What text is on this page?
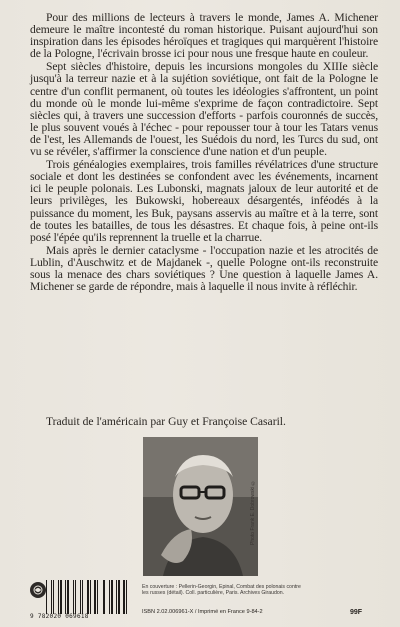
Pour des millions de lecteurs à travers le monde, James A. Michener demeure le maître incontesté du roman historique. Puisant aujourd'hui son inspiration dans les épisodes héroïques et tragiques qui marquèrent l'histoire de la Pologne, l'écrivain brosse ici pour nous une fresque haute en couleur.

Sept siècles d'histoire, depuis les incursions mongoles du XIIIe siècle jusqu'à la terreur nazie et à la sujétion soviétique, ont fait de la Pologne le centre d'un conflit permanent, où toutes les idéologies s'affrontent, un point du monde où le monde lui-même s'exprime de façon contradictoire. Sept siècles qui, à travers une succession d'efforts - parfois couronnés de succès, le plus souvent voués à l'échec - pour repousser tour à tour les Tatars venus de l'est, les Allemands de l'ouest, les Suédois du nord, les Turcs du sud, ont vu se révéler, s'affirmer la conscience d'une nation et d'un peuple.

Trois généalogies exemplaires, trois familles révélatrices d'une structure sociale et dont les destinées se confondent avec les événements, incarnent ici le peuple polonais. Les Lubonski, magnats jaloux de leur autorité et de leurs privilèges, les Bukowski, hobereaux désargentés, inféodés à la puissance du moment, les Buk, paysans asservis au maître et à la terre, sont de toutes les batailles, de tous les désastres. Et chaque fois, à peine ont-ils posé l'épée qu'ils reprennent la truelle et la charrue.

Mais après le dernier cataclysme - l'occupation nazie et les atrocités de Lublin, d'Auschwitz et de Majdanek -, quelle Pologne ont-ils reconstruite sous la menace des chars soviétiques ? Une question à laquelle James A. Michener se garde de répondre, mais à laquelle il nous invite à réfléchir.

Traduit de l'américain par Guy et Françoise Casaril.
Photo Frank E. Dobrowski ©
9 782020 069618
En couverture : Pellerin-Georgin, Epinal, Combat des polonais contre les russes (détail). Coll. particulière, Paris. Archives Giraudon.
ISBN 2.02.006961-X / Imprimé en France 9-84-2	99F
